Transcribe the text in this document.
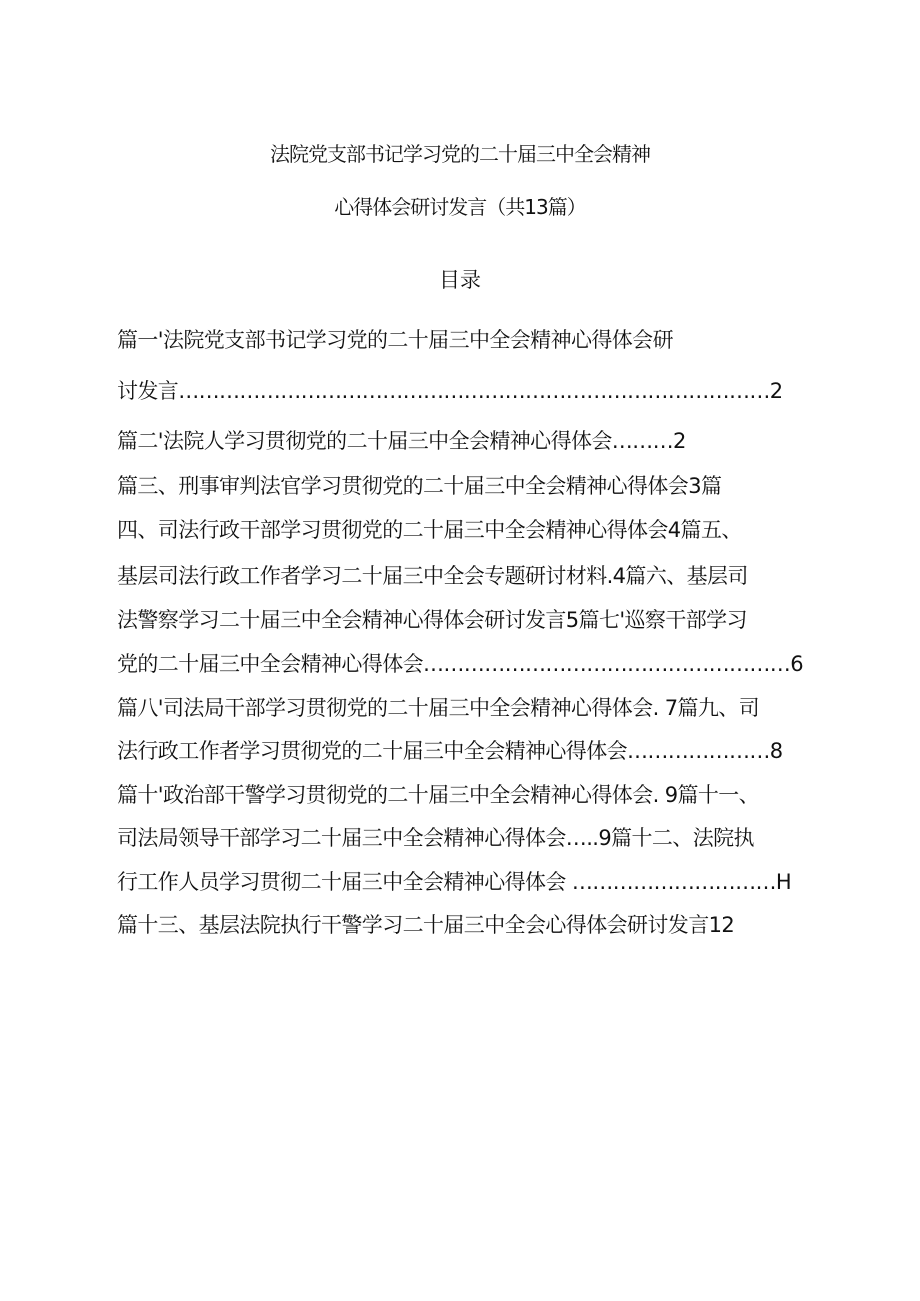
法院党支部书记学习党的二十届三中全会精神
心得体会研讨发言（共13篇）
目录
篇一'法院党支部书记学习党的二十届三中全会精神心得体会研
讨发言……………………………………………………………………………2
篇二'法院人学习贯彻党的二十届三中全会精神心得体会………2
篇三、刑事审判法官学习贯彻党的二十届三中全会精神心得体会3篇
四、司法行政干部学习贯彻党的二十届三中全会精神心得体会4篇五、
基层司法行政工作者学习二十届三中全会专题研讨材料.4篇六、基层司
法警察学习二十届三中全会精神心得体会研讨发言5篇七'巡察干部学习
党的二十届三中全会精神心得体会………………………………………………6
篇八'司法局干部学习贯彻党的二十届三中全会精神心得体会. 7篇九、司
法行政工作者学习贯彻党的二十届三中全会精神心得体会…………………8
篇十'政治部干警学习贯彻党的二十届三中全会精神心得体会. 9篇十一、
司法局领导干部学习二十届三中全会精神心得体会…..9篇十二、法院执
行工作人员学习贯彻二十届三中全会精神心得体会 …………………………H
篇十三、基层法院执行干警学习二十届三中全会心得体会研讨发言12
